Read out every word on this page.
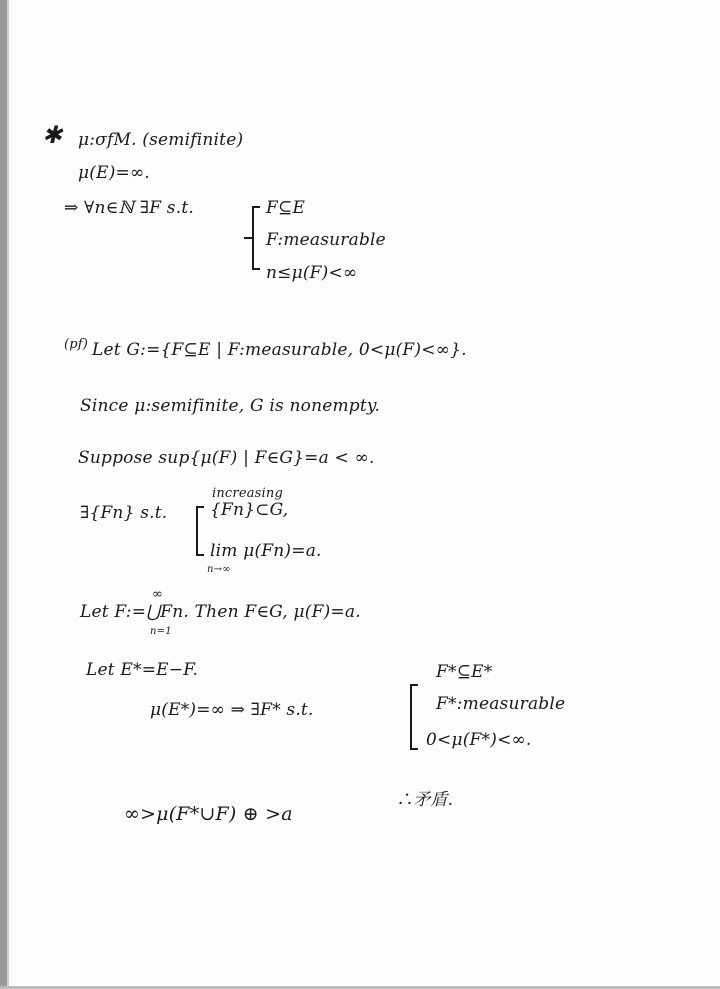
✱ μ:σfM. (semifinite)
μ(E)=∞.
⇒ ∀n∈ℕ ∃F s.t.	F⊆E
F:measurable
n≤μ(F)<∞
(pf) Let G:={F⊆E | F:measurable, 0<μ(F)<∞}.
Since μ:semifinite, G is nonempty.
Suppose sup{μ(F) | F∈G}=a < ∞.
∃{Fn} s.t.
increasing
{Fn}⊂G,
lim μ(Fn)=a.
n→∞
∞
Let F:=⋃Fn. Then F∈G, μ(F)=a.
n=1
Let E*=E−F.
μ(E*)=∞ ⇒ ∃F* s.t.
F*⊆E*
F*:measurable
0<μ(F*)<∞.
∞>μ(F*∪F) ⊕ >a
∴矛盾.
